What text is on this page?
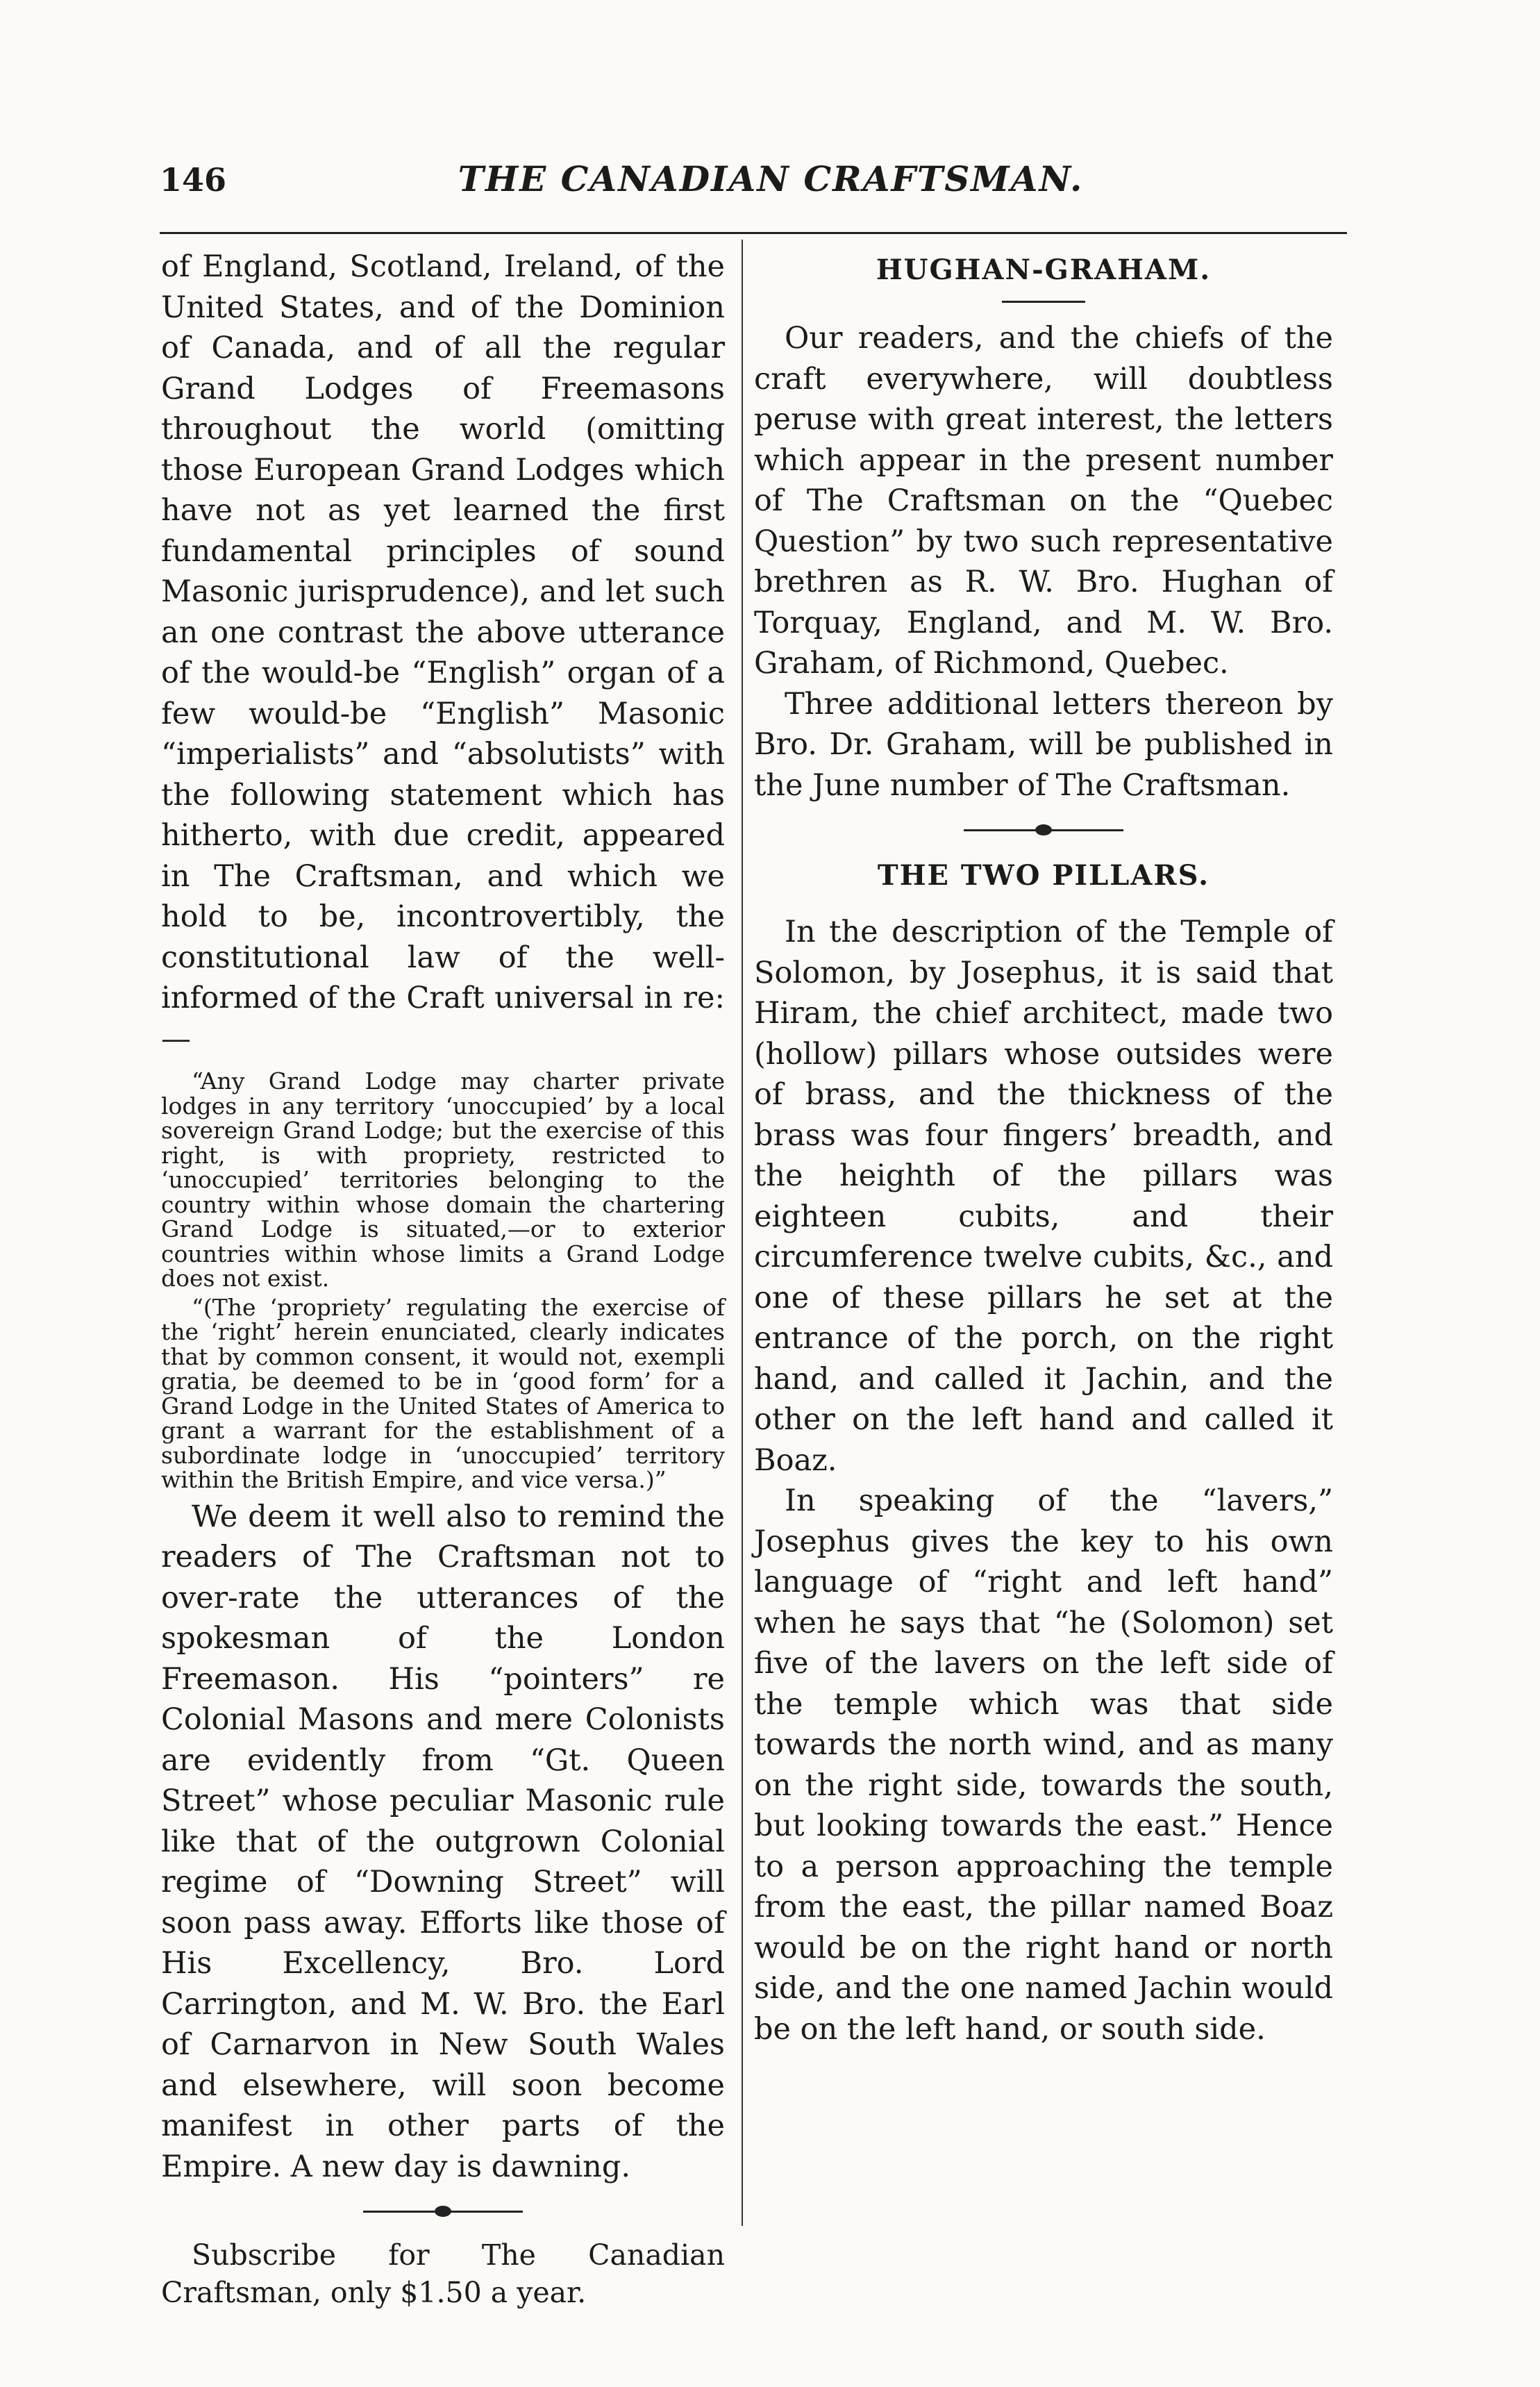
146	THE CANADIAN CRAFTSMAN.

of England, Scotland, Ireland, of the United States, and of the Dominion of Canada, and of all the regular Grand Lodges of Freemasons throughout the world (omitting those European Grand Lodges which have not as yet learned the first fundamental principles of sound Masonic jurisprudence), and let such an one contrast the above utterance of the would-be “English” organ of a few would-be “English” Masonic “imperialists” and “absolutists” with the following statement which has hitherto, with due credit, appeared in The Craftsman, and which we hold to be, incontrovertibly, the constitutional law of the well-informed of the Craft universal in re:—

“Any Grand Lodge may charter private lodges in any territory ‘unoccupied’ by a local sovereign Grand Lodge; but the exercise of this right, is with propriety, restricted to ‘unoccupied’ territories belonging to the country within whose domain the chartering Grand Lodge is situated,—or to exterior countries within whose limits a Grand Lodge does not exist.

“(The ‘propriety’ regulating the exercise of the ‘right’ herein enunciated, clearly indicates that by common consent, it would not, exempli gratia, be deemed to be in ‘good form’ for a Grand Lodge in the United States of America to grant a warrant for the establishment of a subordinate lodge in ‘unoccupied’ territory within the British Empire, and vice versa.)”

We deem it well also to remind the readers of The Craftsman not to over-rate the utterances of the spokesman of the London Freemason. His “pointers” re Colonial Masons and mere Colonists are evidently from “Gt. Queen Street” whose peculiar Masonic rule like that of the outgrown Colonial regime of “Downing Street” will soon pass away. Efforts like those of His Excellency, Bro. Lord Carrington, and M. W. Bro. the Earl of Carnarvon in New South Wales and elsewhere, will soon become manifest in other parts of the Empire. A new day is dawning.

Subscribe for The Canadian Craftsman, only $1.50 a year.

HUGHAN-GRAHAM.

Our readers, and the chiefs of the craft everywhere, will doubtless peruse with great interest, the letters which appear in the present number of The Craftsman on the “Quebec Question” by two such representative brethren as R. W. Bro. Hughan of Torquay, England, and M. W. Bro. Graham, of Richmond, Quebec.

Three additional letters thereon by Bro. Dr. Graham, will be published in the June number of The Craftsman.

THE TWO PILLARS.

In the description of the Temple of Solomon, by Josephus, it is said that Hiram, the chief architect, made two (hollow) pillars whose outsides were of brass, and the thickness of the brass was four fingers’ breadth, and the heighth of the pillars was eighteen cubits, and their circumference twelve cubits, &c., and one of these pillars he set at the entrance of the porch, on the right hand, and called it Jachin, and the other on the left hand and called it Boaz.

In speaking of the “lavers,” Josephus gives the key to his own language of “right and left hand” when he says that “he (Solomon) set five of the lavers on the left side of the temple which was that side towards the north wind, and as many on the right side, towards the south, but looking towards the east.” Hence to a person approaching the temple from the east, the pillar named Boaz would be on the right hand or north side, and the one named Jachin would be on the left hand, or south side.
